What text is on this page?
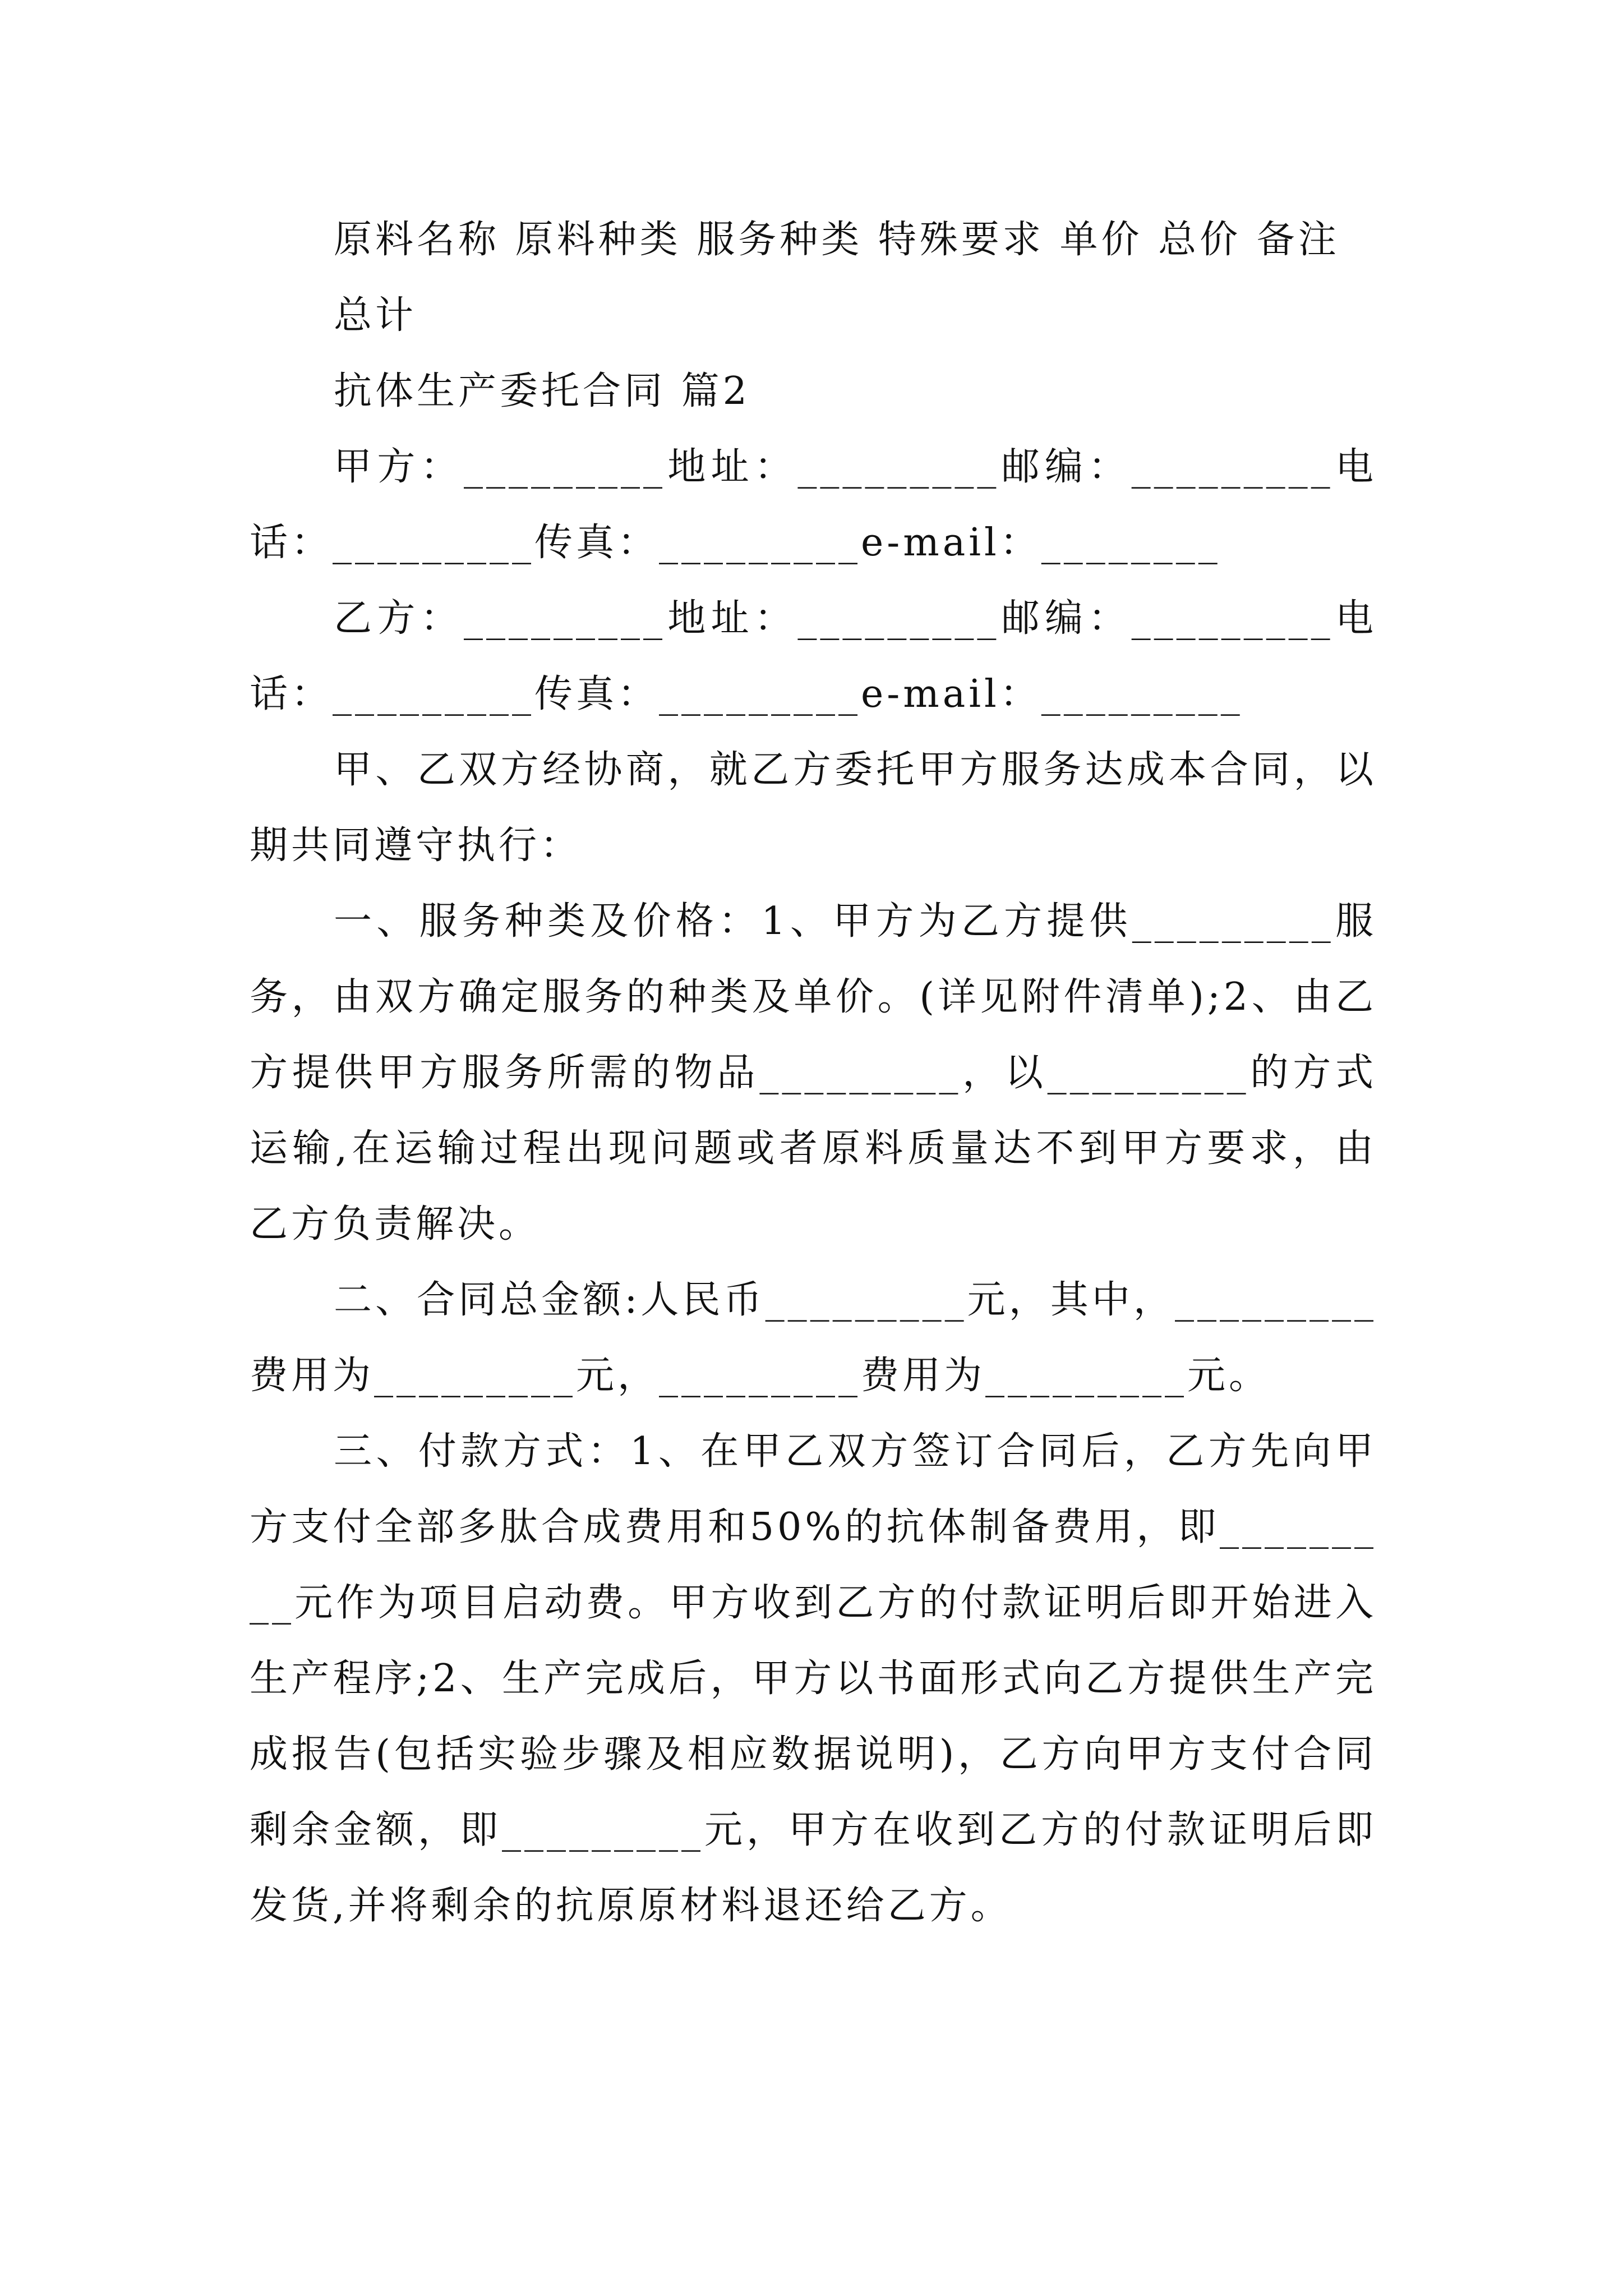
原料名称 原料种类 服务种类 特殊要求 单价 总价 备注

总计

抗体生产委托合同 篇2

甲方：_________地址：_________邮编：_________电话：_________传真：_________e-mail：________

乙方：_________地址：_________邮编：_________电话：_________传真：_________e-mail：_________

甲、乙双方经协商，就乙方委托甲方服务达成本合同，以期共同遵守执行：

一、服务种类及价格：1、甲方为乙方提供_________服务，由双方确定服务的种类及单价。(详见附件清单);2、由乙方提供甲方服务所需的物品_________，以_________的方式运输,在运输过程出现问题或者原料质量达不到甲方要求，由乙方负责解决。

二、合同总金额:人民币_________元，其中，_________费用为_________元，_________费用为_________元。

三、付款方式：1、在甲乙双方签订合同后，乙方先向甲方支付全部多肽合成费用和50%的抗体制备费用，即_________元作为项目启动费。甲方收到乙方的付款证明后即开始进入生产程序;2、生产完成后，甲方以书面形式向乙方提供生产完成报告(包括实验步骤及相应数据说明)，乙方向甲方支付合同剩余金额，即_________元，甲方在收到乙方的付款证明后即发货,并将剩余的抗原原材料退还给乙方。
